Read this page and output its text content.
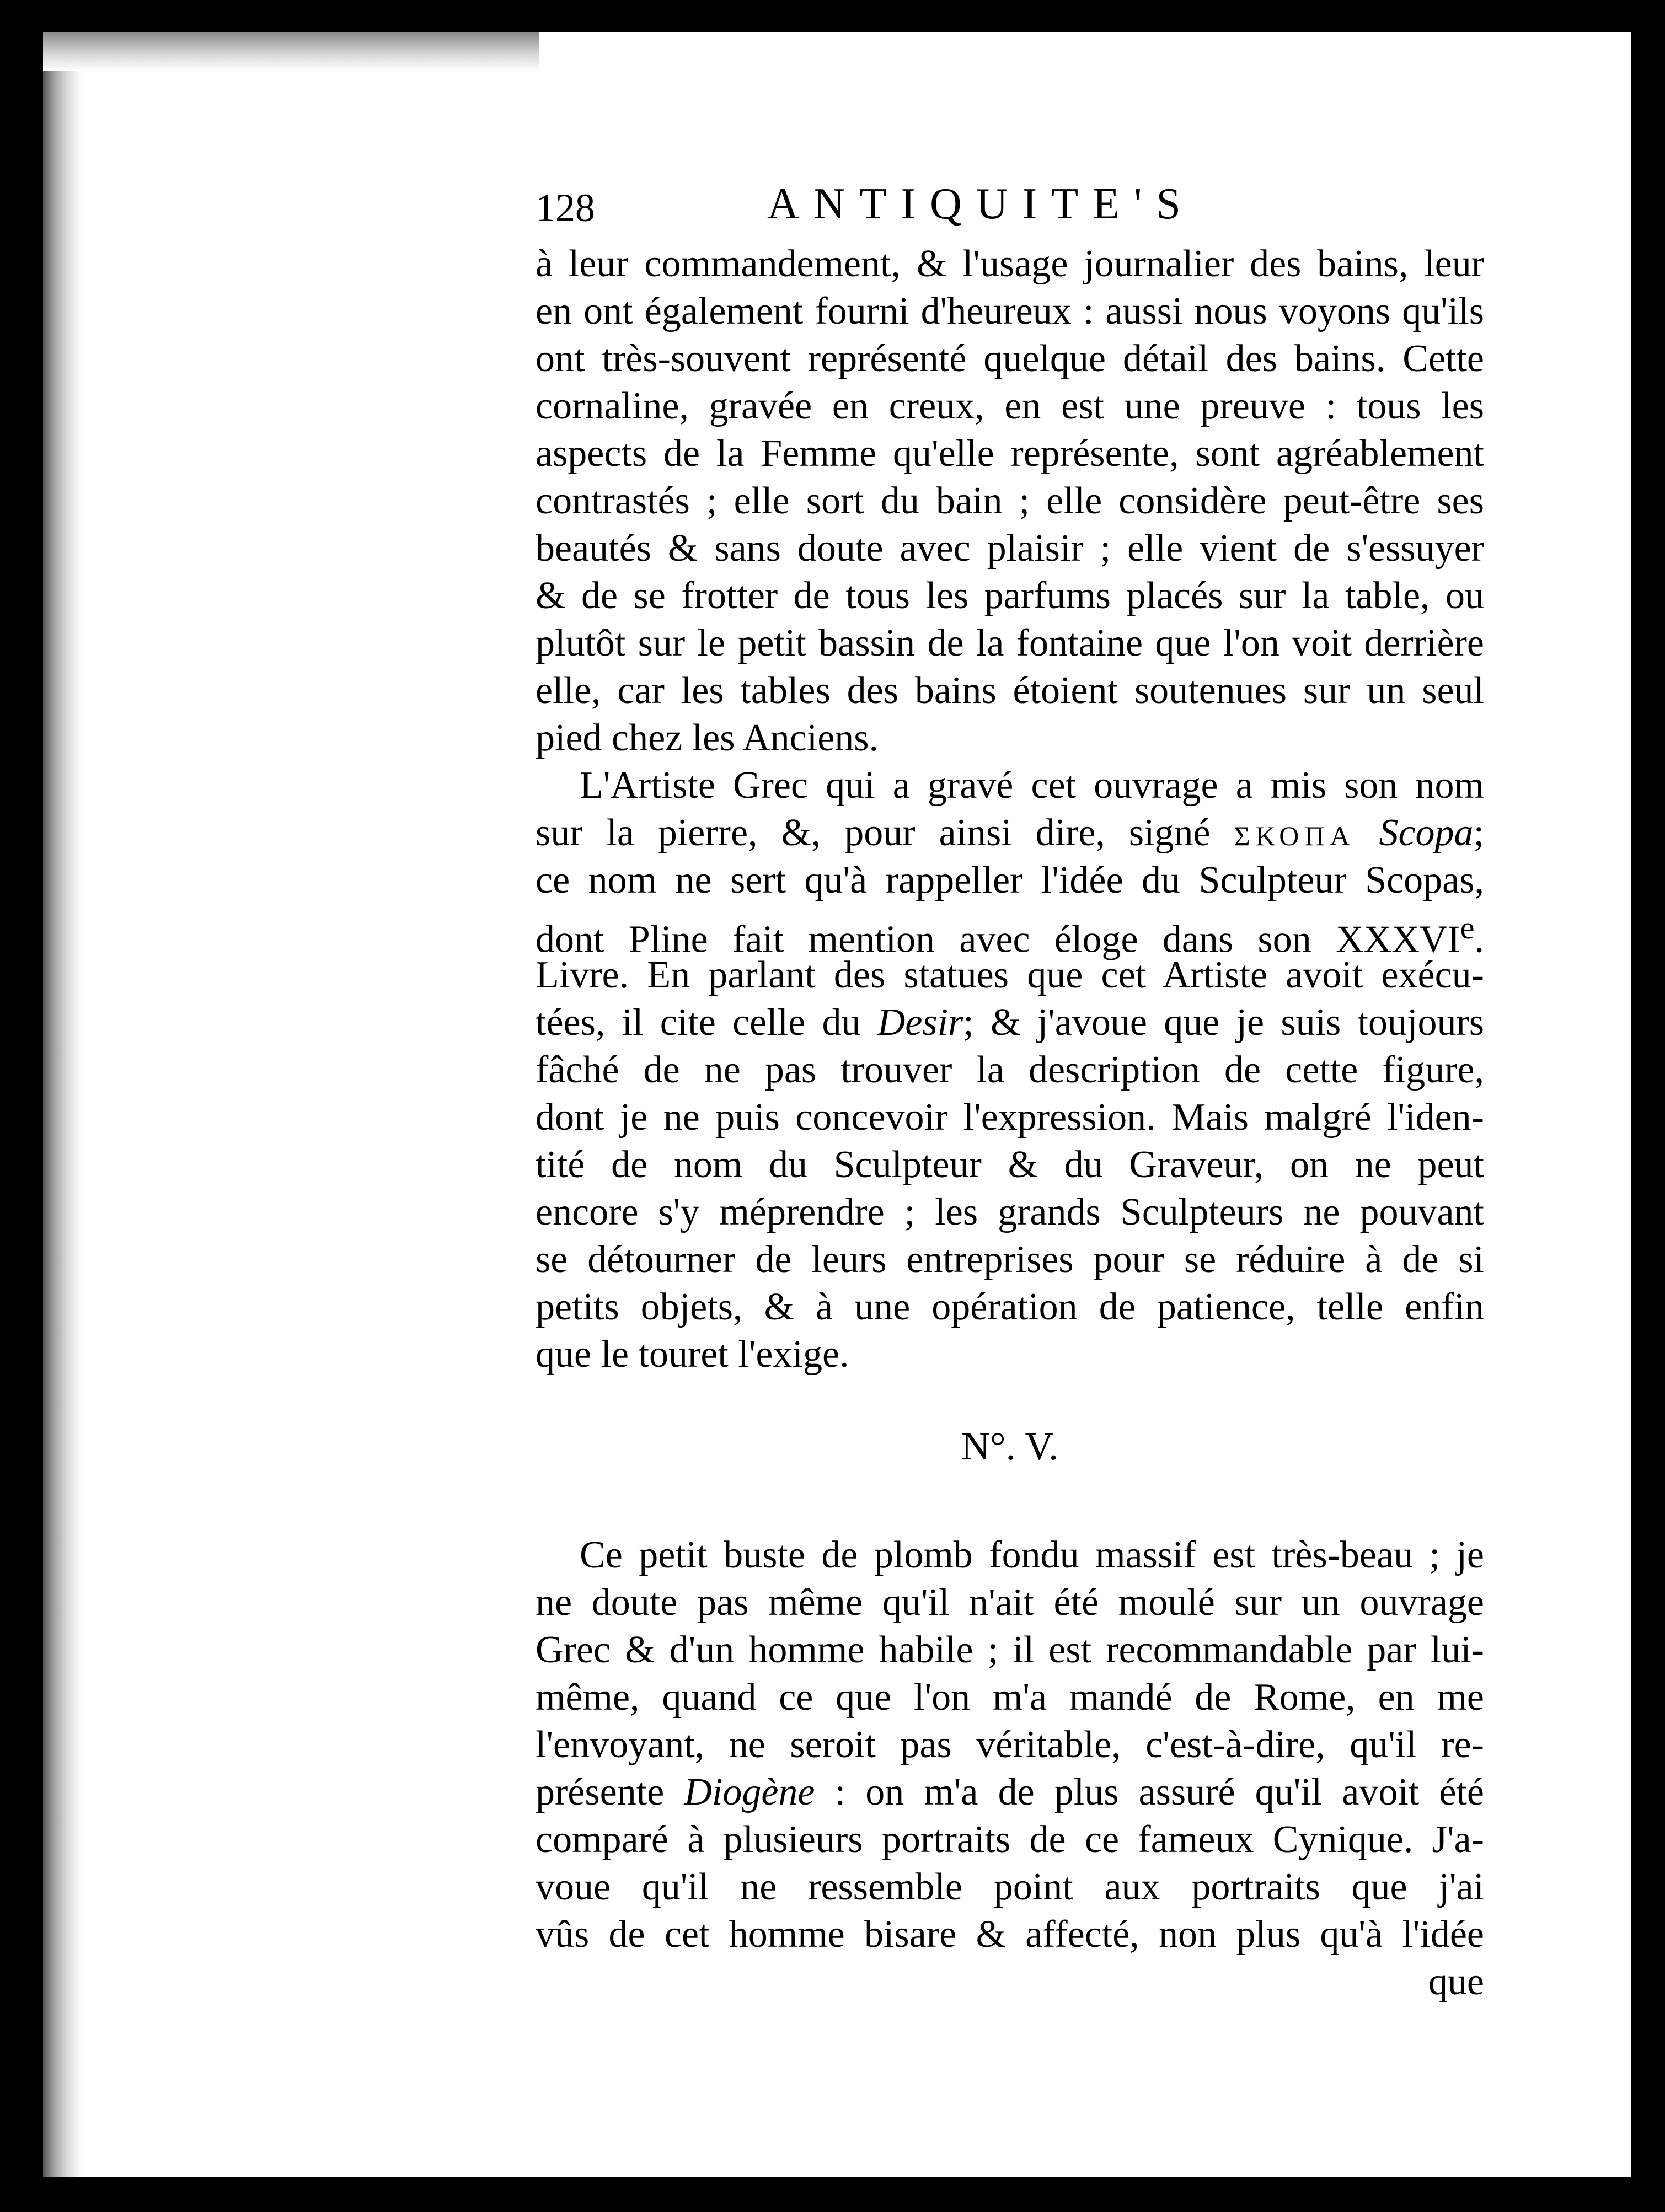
128	ANTIQUITE'S
à leur commandement, & l'usage journalier des bains, leur
en ont également fourni d'heureux : aussi nous voyons qu'ils
ont très-souvent représenté quelque détail des bains. Cette
cornaline, gravée en creux, en est une preuve : tous les
aspects de la Femme qu'elle représente, sont agréablement
contrastés ; elle sort du bain ; elle considère peut-être ses
beautés & sans doute avec plaisir ; elle vient de s'essuyer
& de se frotter de tous les parfums placés sur la table, ou
plutôt sur le petit bassin de la fontaine que l'on voit derrière
elle, car les tables des bains étoient soutenues sur un seul
pied chez les Anciens.
L'Artiste Grec qui a gravé cet ouvrage a mis son nom
sur la pierre, &, pour ainsi dire, signé ΣΚΟΠΑ Scopa;
ce nom ne sert qu'à rappeller l'idée du Sculpteur Scopas,
dont Pline fait mention avec éloge dans son XXXVIe.
Livre. En parlant des statues que cet Artiste avoit exécu-
tées, il cite celle du Desir; & j'avoue que je suis toujours
fâché de ne pas trouver la description de cette figure,
dont je ne puis concevoir l'expression. Mais malgré l'iden-
tité de nom du Sculpteur & du Graveur, on ne peut
encore s'y méprendre ; les grands Sculpteurs ne pouvant
se détourner de leurs entreprises pour se réduire à de si
petits objets, & à une opération de patience, telle enfin
que le touret l'exige.
N°. V.
Ce petit buste de plomb fondu massif est très-beau ; je
ne doute pas même qu'il n'ait été moulé sur un ouvrage
Grec & d'un homme habile ; il est recommandable par lui-
même, quand ce que l'on m'a mandé de Rome, en me
l'envoyant, ne seroit pas véritable, c'est-à-dire, qu'il re-
présente Diogène : on m'a de plus assuré qu'il avoit été
comparé à plusieurs portraits de ce fameux Cynique. J'a-
voue qu'il ne ressemble point aux portraits que j'ai
vûs de cet homme bisare & affecté, non plus qu'à l'idée
que
